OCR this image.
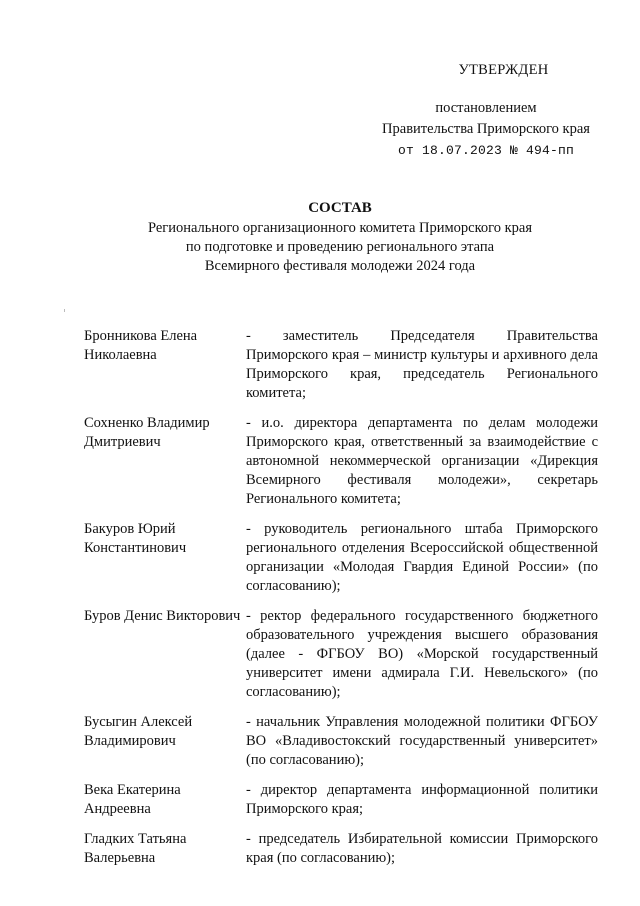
УТВЕРЖДЕН
постановлением
Правительства Приморского края
от 18.07.2023 № 494-пп
СОСТАВ
Регионального организационного комитета Приморского края
по подготовке и проведению регионального этапа
Всемирного фестиваля молодежи 2024 года
Бронникова Елена Николаевна
- заместитель Председателя Правительства Приморского края – министр культуры и архивного дела Приморского края, председатель Регионального комитета;
Сохненко Владимир Дмитриевич
- и.о. директора департамента по делам молодежи Приморского края, ответственный за взаимодействие с автономной некоммерческой организации «Дирекция Всемирного фестиваля молодежи», секретарь Регионального комитета;
Бакуров Юрий Константинович
- руководитель регионального штаба Приморского регионального отделения Всероссийской общественной организации «Молодая Гвардия Единой России» (по согласованию);
Буров Денис Викторович - ректор федерального государственного бюджетного образовательного учреждения высшего образования (далее - ФГБОУ ВО) «Морской государственный университет имени адмирала Г.И. Невельского» (по согласованию);
Бусыгин Алексей Владимирович
- начальник Управления молодежной политики ФГБОУ ВО «Владивостокский государственный университет» (по согласованию);
Века Екатерина Андреевна
- директор департамента информационной политики Приморского края;
Гладких Татьяна Валерьевна
- председатель Избирательной комиссии Приморского края (по согласованию);
